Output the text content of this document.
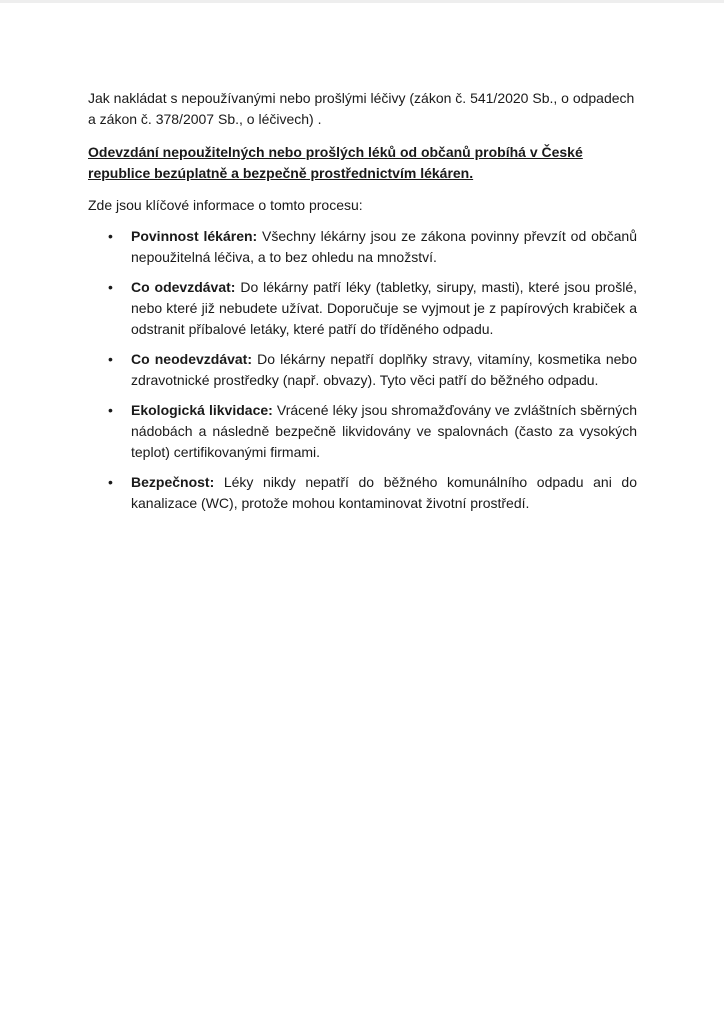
Jak nakládat s nepoužívanými nebo prošlými léčivy (zákon č. 541/2020 Sb., o odpadech a zákon č. 378/2007 Sb., o léčivech) .

Odevzdání nepoužitelných nebo prošlých léků od občanů probíhá v České republice bezúplatně a bezpečně prostřednictvím lékáren.

Zde jsou klíčové informace o tomto procesu:

• Povinnost lékáren: Všechny lékárny jsou ze zákona povinny převzít od občanů nepoužitelná léčiva, a to bez ohledu na množství.
• Co odevzdávat: Do lékárny patří léky (tabletky, sirupy, masti), které jsou prošlé, nebo které již nebudete užívat. Doporučuje se vyjmout je z papírových krabiček a odstranit příbalové letáky, které patří do tříděného odpadu.
• Co neodevzdávat: Do lékárny nepatří doplňky stravy, vitamíny, kosmetika nebo zdravotnické prostředky (např. obvazy). Tyto věci patří do běžného odpadu.
• Ekologická likvidace: Vrácené léky jsou shromažďovány ve zvláštních sběrných nádobách a následně bezpečně likvidovány ve spalovnách (často za vysokých teplot) certifikovanými firmami.
• Bezpečnost: Léky nikdy nepatří do běžného komunálního odpadu ani do kanalizace (WC), protože mohou kontaminovat životní prostředí.
